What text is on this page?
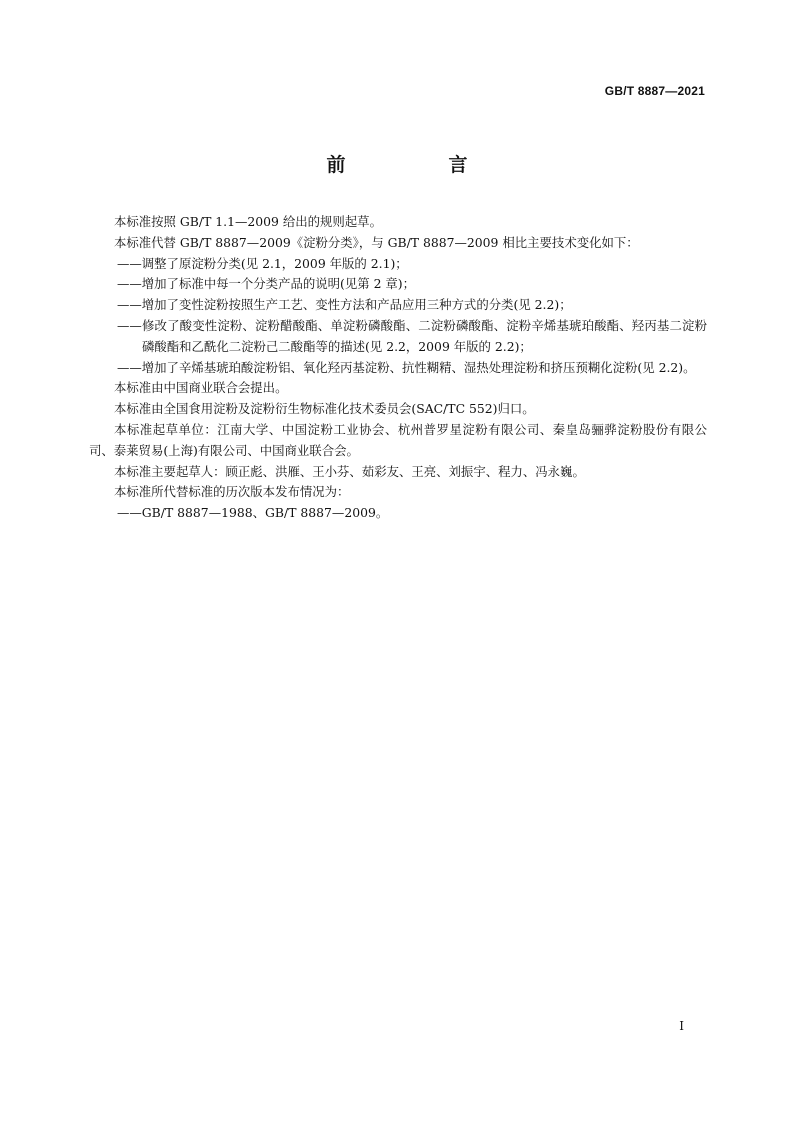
GB/T 8887—2021
前　言

本标准按照 GB/T 1.1—2009 给出的规则起草。

本标准代替 GB/T 8887—2009《淀粉分类》，与 GB/T 8887—2009 相比主要技术变化如下：

——调整了原淀粉分类(见 2.1，2009 年版的 2.1)；

——增加了标准中每一个分类产品的说明(见第 2 章)；

——增加了变性淀粉按照生产工艺、变性方法和产品应用三种方式的分类(见 2.2)；

——修改了酸变性淀粉、淀粉醋酸酯、单淀粉磷酸酯、二淀粉磷酸酯、淀粉辛烯基琥珀酸酯、羟丙基二淀粉磷酸酯和乙酰化二淀粉己二酸酯等的描述(见 2.2，2009 年版的 2.2)；

——增加了辛烯基琥珀酸淀粉铝、氧化羟丙基淀粉、抗性糊精、湿热处理淀粉和挤压预糊化淀粉(见 2.2)。

本标准由中国商业联合会提出。

本标准由全国食用淀粉及淀粉衍生物标准化技术委员会(SAC/TC 552)归口。

本标准起草单位：江南大学、中国淀粉工业协会、杭州普罗星淀粉有限公司、秦皇岛骊骅淀粉股份有限公司、泰莱贸易(上海)有限公司、中国商业联合会。

本标准主要起草人：顾正彪、洪雁、王小芬、茹彩友、王亮、刘振宇、程力、冯永巍。

本标准所代替标准的历次版本发布情况为：

——GB/T 8887—1988、GB/T 8887—2009。

I
